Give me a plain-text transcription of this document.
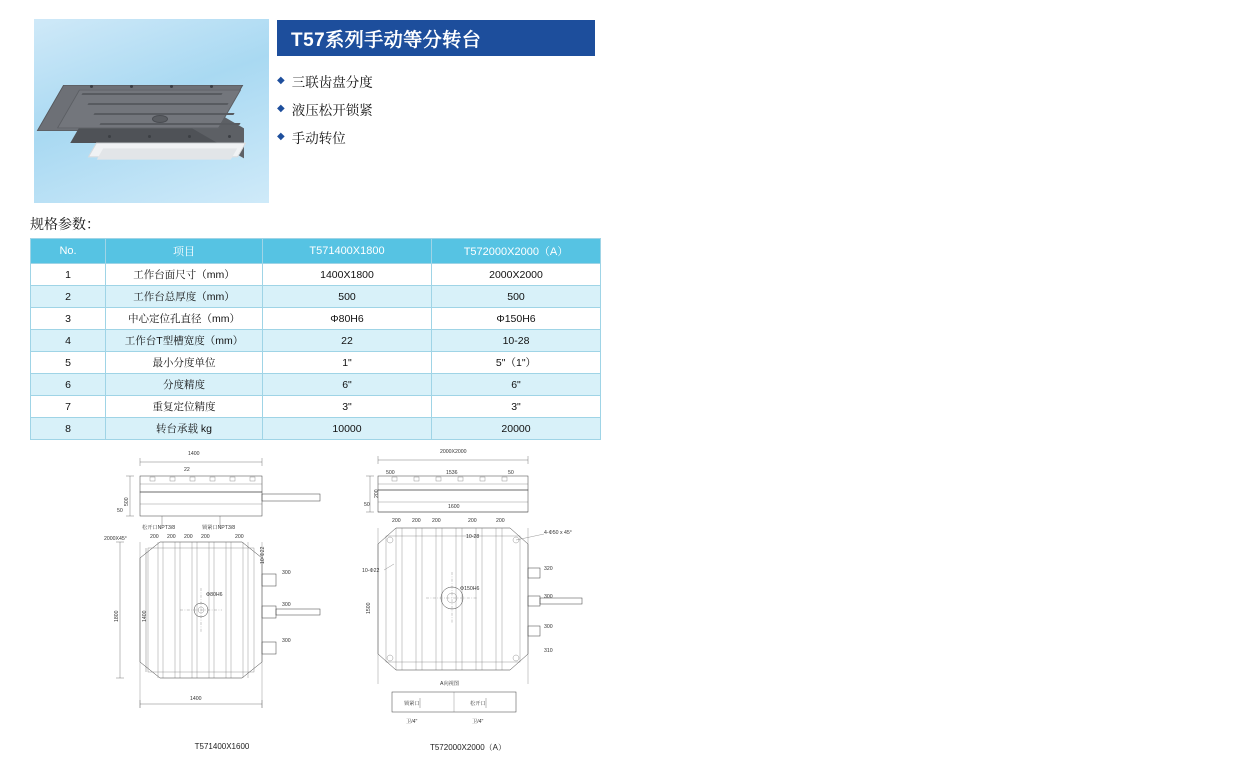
T57系列手动等分转台
◆ 三联齿盘分度
◆ 液压松开锁紧
◆ 手动转位
规格参数：
No.	项目	T571400X1800	T572000X2000（A）
1	工作台面尺寸（mm）	1400X1800	2000X2000
2	工作台总厚度（mm）	500	500
3	中心定位孔直径（mm）	Φ80H6	Φ150H6
4	工作台T型槽宽度（mm）	22	10-28
5	最小分度单位	1"	5"（1"）
6	分度精度	6"	6"
7	重复定位精度	3"	3"
8	转台承载 kg	10000	20000
1400
22
500
50
松开口NPT3/8	锁紧口NPT3/8
2000X45°	200 200 200 200	200
300
300
300
Φ80H6
1800	1400
10-Φ22
1400
T571400X1600
2000X2000
500	1536	50
200
50	1600
200 200 200	200	200
10-28
4-Φ50 x 45°
10-Φ22
Φ150H6
1500
320
300
300
310
A向视图
锁紧口	松开口
卫/4"	卫/4"
T572000X2000（A）
